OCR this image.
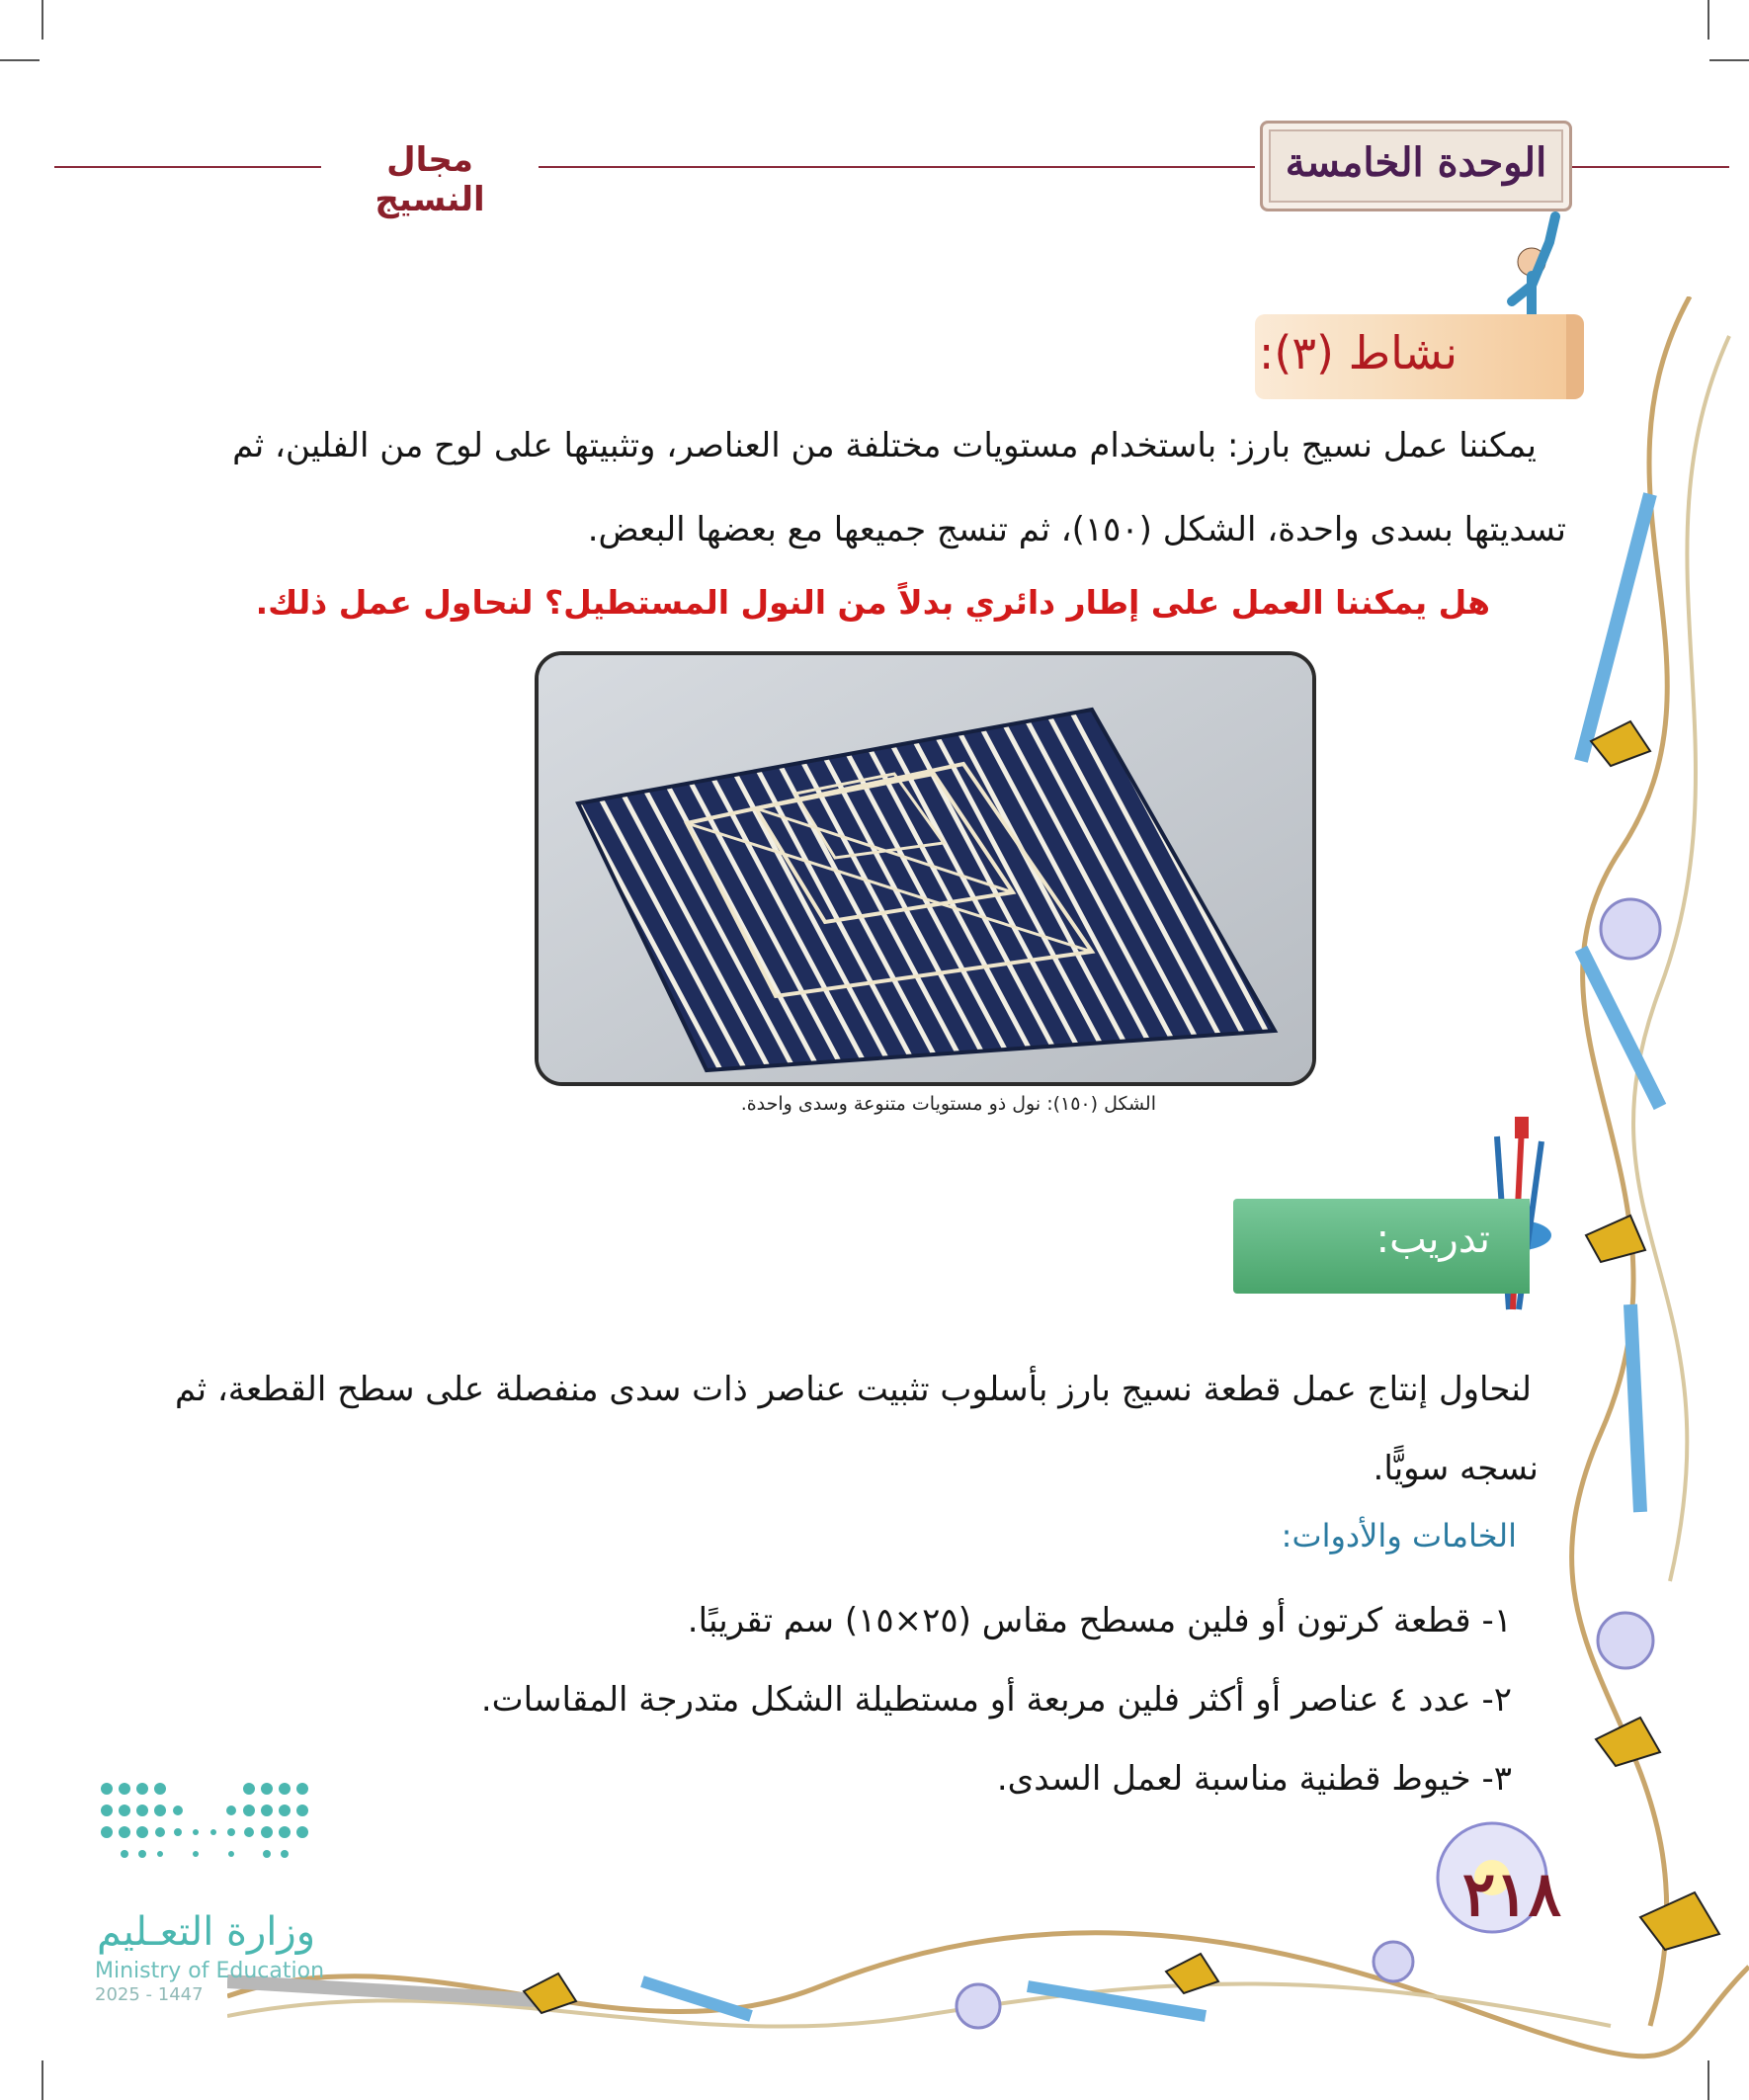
مجال النسيج
الوحدة الخامسة
نشاط (٣):
يمكننا عمل نسيج بارز: باستخدام مستويات مختلفة من العناصر، وتثبيتها على لوح من الفلين، ثم
تسديتها بسدى واحدة، الشكل (١٥٠)، ثم تنسج جميعها مع بعضها البعض.
هل يمكننا العمل على إطار دائري بدلاً من النول المستطيل؟ لنحاول عمل ذلك.
الشكل (١٥٠): نول ذو مستويات متنوعة وسدى واحدة.
تدريب:
لنحاول إنتاج عمل قطعة نسيج بارز بأسلوب تثبيت عناصر ذات سدى منفصلة على سطح القطعة، ثم
نسجه سويًّا.
الخامات والأدوات:
١- قطعة كرتون أو فلين مسطح مقاس (٢٥×١٥) سم تقريبًا.
٢- عدد ٤ عناصر أو أكثر فلين مربعة أو مستطيلة الشكل متدرجة المقاسات.
٣- خيوط قطنية مناسبة لعمل السدى.
٢١٨
وزارة التعـليم
Ministry of Education
2025 - 1447
